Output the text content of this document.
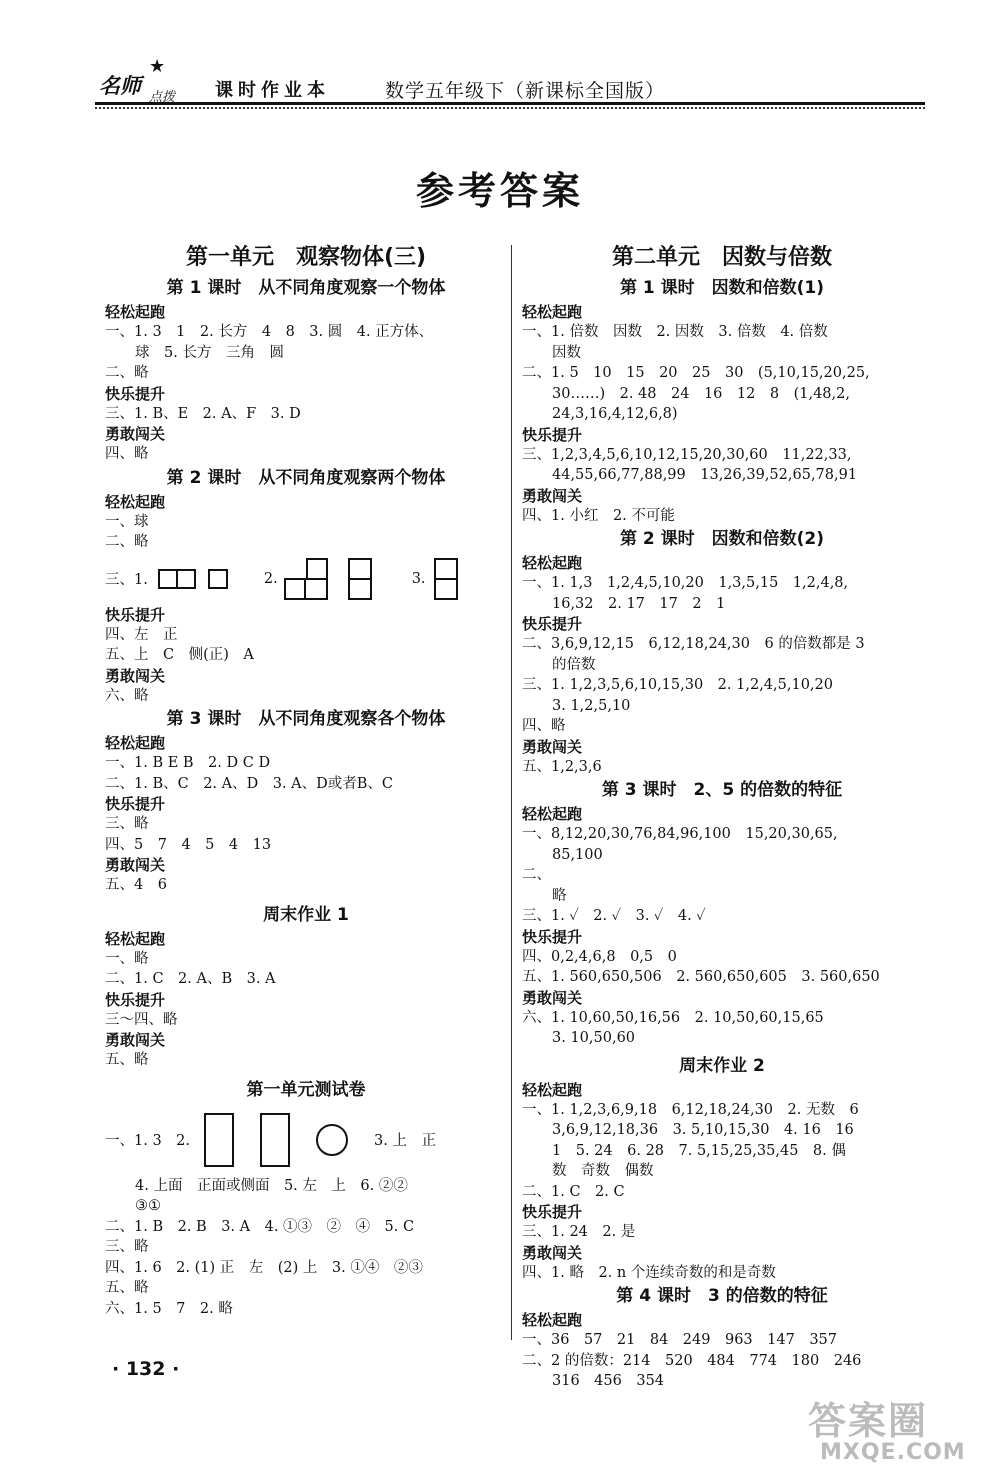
名师
★
点拨 课时作业本	数学五年级下（新课标全国版）
参考答案
第一单元　观察物体(三)
第 1 课时　从不同角度观察一个物体
轻松起跑
一、1. 3　1　2. 长方　4　8　3. 圆　4. 正方体、
球　5. 长方　三角　圆
二、略
快乐提升
三、1. B、E　2. A、F　3. D
勇敢闯关
四、略
第 2 课时　从不同角度观察两个物体
轻松起跑
一、球
二、略
三、1.	2.	3.
快乐提升
四、左　正
五、上　C　侧(正)　A
勇敢闯关
六、略
第 3 课时　从不同角度观察各个物体
轻松起跑
一、1. B E B　2. D C D
二、1. B、C　2. A、D　3. A、D或者B、C
快乐提升
三、略
四、5　7　4　5　4　13
勇敢闯关
五、4　6
周末作业 1
轻松起跑
一、略
二、1. C　2. A、B　3. A
快乐提升
三～四、略
勇敢闯关
五、略
第一单元测试卷
一、1. 3　2.	3. 上　正
4. 上面　正面或侧面　5. 左　上　6. ②②
③①
二、1. B　2. B　3. A　4. ①③　②　④　5. C
三、略
四、1. 6　2. (1) 正　左　(2) 上　3. ①④　②③
五、略
六、1. 5　7　2. 略
第二单元　因数与倍数
第 1 课时　因数和倍数(1)
轻松起跑
一、1. 倍数　因数　2. 因数　3. 倍数　4. 倍数
因数
二、1. 5　10　15　20　25　30　(5,10,15,20,25,
30……)　2. 48　24　16　12　8　(1,48,2,
24,3,16,4,12,6,8)
快乐提升
三、1,2,3,4,5,6,10,12,15,20,30,60　11,22,33,
44,55,66,77,88,99　13,26,39,52,65,78,91
勇敢闯关
四、1. 小红　2. 不可能
第 2 课时　因数和倍数(2)
轻松起跑
一、1. 1,3　1,2,4,5,10,20　1,3,5,15　1,2,4,8,
16,32　2. 17　17　2　1
快乐提升
二、3,6,9,12,15　6,12,18,24,30　6 的倍数都是 3
的倍数
三、1. 1,2,3,5,6,10,15,30　2. 1,2,4,5,10,20
3. 1,2,5,10
四、略
勇敢闯关
五、1,2,3,6
第 3 课时　2、5 的倍数的特征
轻松起跑
一、8,12,20,30,76,84,96,100　15,20,30,65,
85,100
二、
略
三、1. ✓　2. ✓　3. ✓　4. ✓
快乐提升
四、0,2,4,6,8　0,5　0
五、1. 560,650,506　2. 560,650,605　3. 560,650
勇敢闯关
六、1. 10,60,50,16,56　2. 10,50,60,15,65
3. 10,50,60
周末作业 2
轻松起跑
一、1. 1,2,3,6,9,18　6,12,18,24,30　2. 无数　6
3,6,9,12,18,36　3. 5,10,15,30　4. 16　16
1　5. 24　6. 28　7. 5,15,25,35,45　8. 偶
数　奇数　偶数
二、1. C　2. C
快乐提升
三、1. 24　2. 是
勇敢闯关
四、1. 略　2. n 个连续奇数的和是奇数
第 4 课时　3 的倍数的特征
轻松起跑
一、36　57　21　84　249　963　147　357
二、2 的倍数：214　520　484　774　180　246
316　456　354
· 132 ·
答案圈
MXQE.COM
